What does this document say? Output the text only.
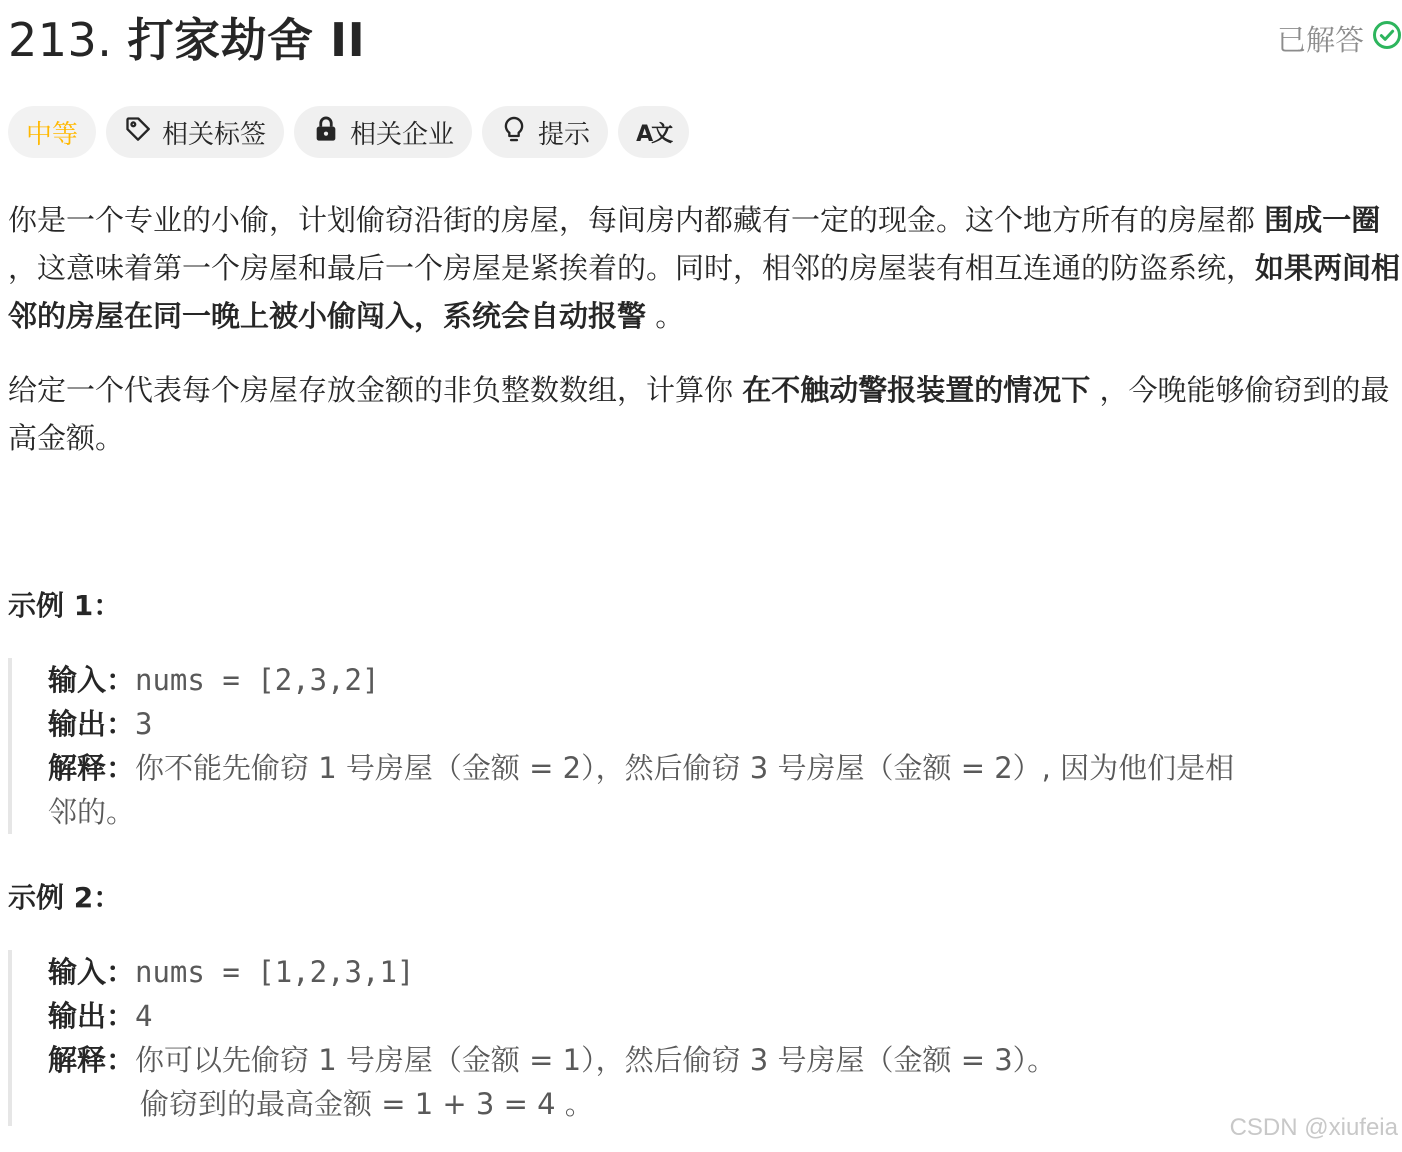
213. 打家劫舍 II	已解答
中等	相关标签	相关企业	提示 A文

你是一个专业的小偷，计划偷窃沿街的房屋，每间房内都藏有一定的现金。这个地方所有的房屋都 围成一圈 ，这意味着第一个房屋和最后一个房屋是紧挨着的。同时，相邻的房屋装有相互连通的防盗系统，如果两间相邻的房屋在同一晚上被小偷闯入，系统会自动报警 。

给定一个代表每个房屋存放金额的非负整数数组，计算你 在不触动警报装置的情况下 ，今晚能够偷窃到的最高金额。

示例 1：
输入：nums = [2,3,2]
输出：3
解释：你不能先偷窃 1 号房屋（金额 = 2），然后偷窃 3 号房屋（金额 = 2）, 因为他们是相
邻的。
示例 2：
输入：nums = [1,2,3,1]
输出：4
解释：你可以先偷窃 1 号房屋（金额 = 1），然后偷窃 3 号房屋（金额 = 3）。
偷窃到的最高金额 = 1 + 3 = 4 。
CSDN @xiufeia
